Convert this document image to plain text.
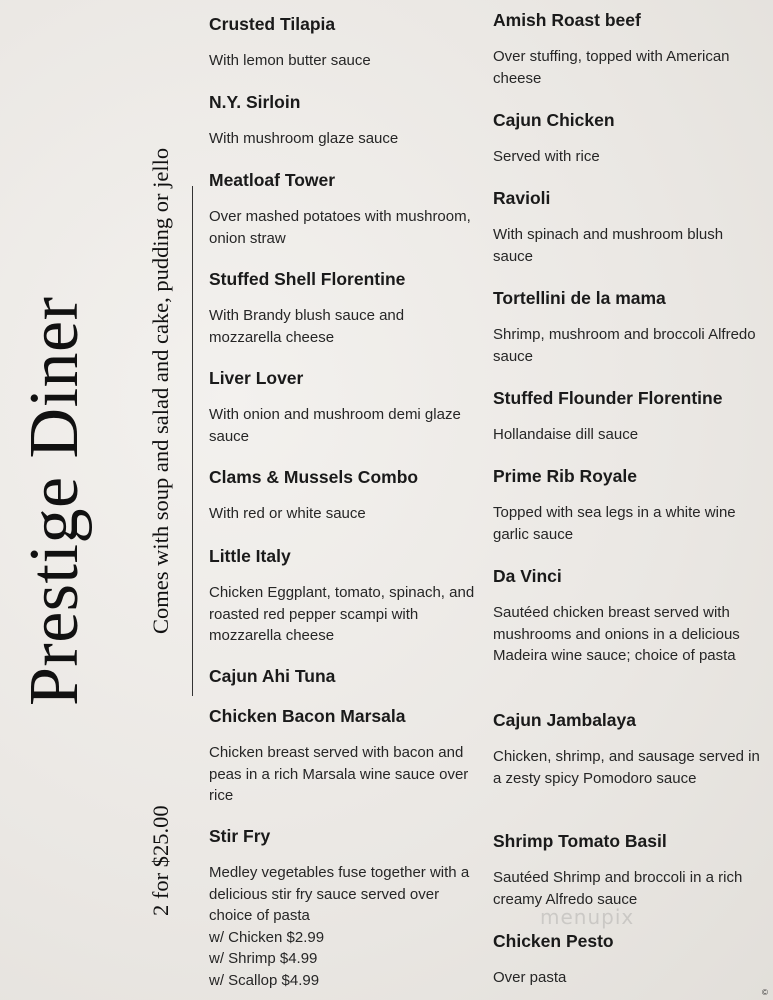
Prestige Diner Comes with soup and salad and cake, pudding or jello
2 for $25.00
Crusted Tilapia
With lemon butter sauce
N.Y. Sirloin
With mushroom glaze sauce
Meatloaf Tower
Over mashed potatoes with mushroom, onion straw
Stuffed Shell Florentine
With Brandy blush sauce and mozzarella cheese
Liver Lover
With onion and mushroom demi glaze sauce
Clams & Mussels Combo
With red or white sauce
Little Italy
Chicken Eggplant, tomato, spinach, and roasted red pepper scampi with mozzarella cheese
Cajun Ahi Tuna
Chicken Bacon Marsala
Chicken breast served with bacon and peas in a rich Marsala wine sauce over rice
Stir Fry
Medley vegetables fuse together with a delicious stir fry sauce served over choice of pasta
w/ Chicken $2.99
w/ Shrimp $4.99
w/ Scallop $4.99
Amish Roast beef
Over stuffing, topped with American cheese
Cajun Chicken
Served with rice
Ravioli
With spinach and mushroom blush sauce
Tortellini de la mama
Shrimp, mushroom and broccoli Alfredo sauce
Stuffed Flounder Florentine
Hollandaise dill sauce
Prime Rib Royale
Topped with sea legs in a white wine garlic sauce
Da Vinci
Sautéed chicken breast served with mushrooms and onions in a delicious Madeira wine sauce; choice of pasta
Cajun Jambalaya
Chicken, shrimp, and sausage served in a zesty spicy Pomodoro sauce
Shrimp Tomato Basil
Sautéed Shrimp and broccoli in a rich creamy Alfredo sauce
Chicken Pesto
Over pasta
menupix
©
